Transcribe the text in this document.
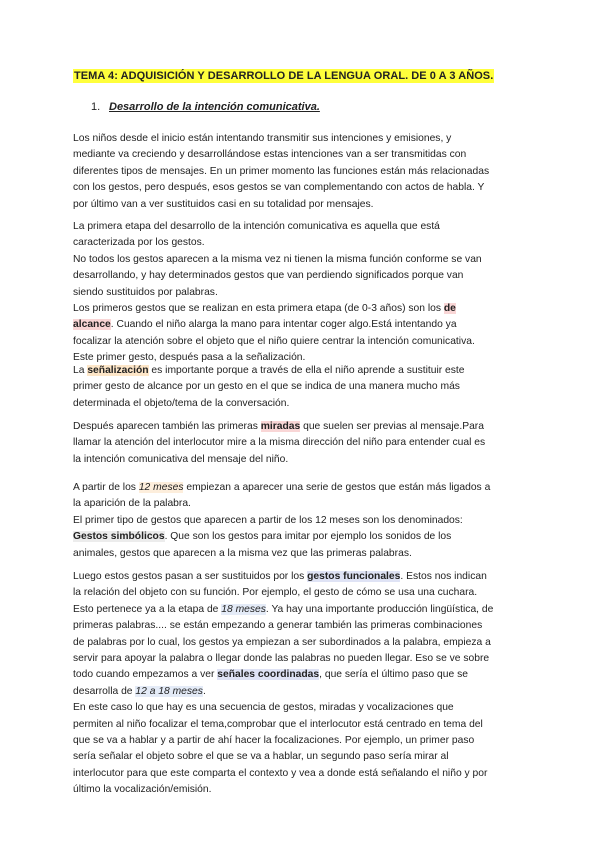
TEMA 4: ADQUISICIÓN Y DESARROLLO DE LA LENGUA ORAL. DE 0 A 3 AÑOS.
1. Desarrollo de la intención comunicativa.
Los niños desde el inicio están intentando transmitir sus intenciones y emisiones, y
mediante va creciendo y desarrollándose estas intenciones van a ser transmitidas con
diferentes tipos de mensajes. En un primer momento las funciones están más relacionadas
con los gestos, pero después, esos gestos se van complementando con actos de habla. Y
por último van a ver sustituidos casi en su totalidad por mensajes.
La primera etapa del desarrollo de la intención comunicativa es aquella que está
caracterizada por los gestos.
No todos los gestos aparecen a la misma vez ni tienen la misma función conforme se van
desarrollando, y hay determinados gestos que van perdiendo significados porque van
siendo sustituidos por palabras.
Los primeros gestos que se realizan en esta primera etapa (de 0-3 años) son los de
alcance. Cuando el niño alarga la mano para intentar coger algo.Está intentando ya
focalizar la atención sobre el objeto que el niño quiere centrar la intención comunicativa.
Este primer gesto, después pasa a la señalización.
La señalización es importante porque a través de ella el niño aprende a sustituir este
primer gesto de alcance por un gesto en el que se indica de una manera mucho más
determinada el objeto/tema de la conversación.
Después aparecen también las primeras miradas que suelen ser previas al mensaje.Para
llamar la atención del interlocutor mire a la misma dirección del niño para entender cual es
la intención comunicativa del mensaje del niño.
A partir de los 12 meses empiezan a aparecer una serie de gestos que están más ligados a
la aparición de la palabra.
El primer tipo de gestos que aparecen a partir de los 12 meses son los denominados:
Gestos simbólicos. Que son los gestos para imitar por ejemplo los sonidos de los
animales, gestos que aparecen a la misma vez que las primeras palabras.
Luego estos gestos pasan a ser sustituidos por los gestos funcionales. Estos nos indican
la relación del objeto con su función. Por ejemplo, el gesto de cómo se usa una cuchara.
Esto pertenece ya a la etapa de 18 meses. Ya hay una importante producción lingüística, de
primeras palabras.... se están empezando a generar también las primeras combinaciones
de palabras por lo cual, los gestos ya empiezan a ser subordinados a la palabra, empieza a
servir para apoyar la palabra o llegar donde las palabras no pueden llegar. Eso se ve sobre
todo cuando empezamos a ver señales coordinadas, que sería el último paso que se
desarrolla de 12 a 18 meses.
En este caso lo que hay es una secuencia de gestos, miradas y vocalizaciones que
permiten al niño focalizar el tema,comprobar que el interlocutor está centrado en tema del
que se va a hablar y a partir de ahí hacer la focalizaciones. Por ejemplo, un primer paso
sería señalar el objeto sobre el que se va a hablar, un segundo paso sería mirar al
interlocutor para que este comparta el contexto y vea a donde está señalando el niño y por
último la vocalización/emisión.
